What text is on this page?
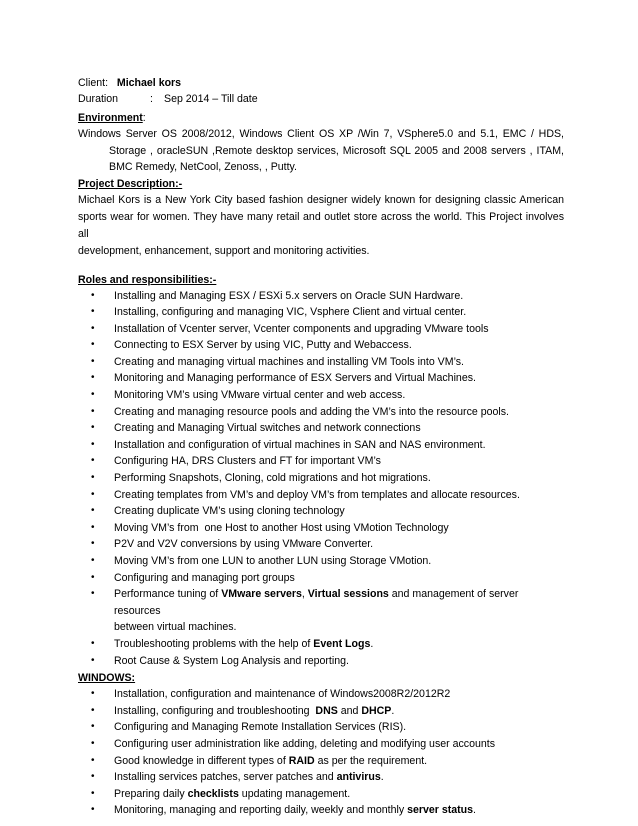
Client: Michael kors
Duration	: Sep 2014 – Till date
Environment:
Windows Server OS 2008/2012, Windows Client OS XP /Win 7, VSphere5.0 and 5.1, EMC / HDS,
Storage , oracleSUN ,Remote desktop services, Microsoft SQL 2005 and 2008 servers , ITAM,
BMC Remedy, NetCool, Zenoss, , Putty.
Project Description:-

Michael Kors is a New York City based fashion designer widely known for designing classic American

sports wear for women. They have many retail and outlet store across the world. This Project involves all

development, enhancement, support and monitoring activities.

Roles and responsibilities:-
• Installing and Managing ESX / ESXi 5.x servers on Oracle SUN Hardware.
• Installing, configuring and managing VIC, Vsphere Client and virtual center.
• Installation of Vcenter server, Vcenter components and upgrading VMware tools
• Connecting to ESX Server by using VIC, Putty and Webaccess.
• Creating and managing virtual machines and installing VM Tools into VM’s.
• Monitoring and Managing performance of ESX Servers and Virtual Machines.
• Monitoring VM’s using VMware virtual center and web access.
• Creating and managing resource pools and adding the VM’s into the resource pools.
• Creating and Managing Virtual switches and network connections
• Installation and configuration of virtual machines in SAN and NAS environment.
• Configuring HA, DRS Clusters and FT for important VM’s
• Performing Snapshots, Cloning, cold migrations and hot migrations.
• Creating templates from VM’s and deploy VM’s from templates and allocate resources.
• Creating duplicate VM’s using cloning technology
• Moving VM’s from  one Host to another Host using VMotion Technology
• P2V and V2V conversions by using VMware Converter.
• Moving VM’s from one LUN to another LUN using Storage VMotion.
• Configuring and managing port groups
• Performance tuning of VMware servers, Virtual sessions and management of server resources
between virtual machines.
• Troubleshooting problems with the help of Event Logs.
• Root Cause & System Log Analysis and reporting.
WINDOWS:
• Installation, configuration and maintenance of Windows2008R2/2012R2
• Installing, configuring and troubleshooting  DNS and DHCP.
• Configuring and Managing Remote Installation Services (RIS).
• Configuring user administration like adding, deleting and modifying user accounts
• Good knowledge in different types of RAID as per the requirement.
• Installing services patches, server patches and antivirus.
• Preparing daily checklists updating management.
• Monitoring, managing and reporting daily, weekly and monthly server status.
